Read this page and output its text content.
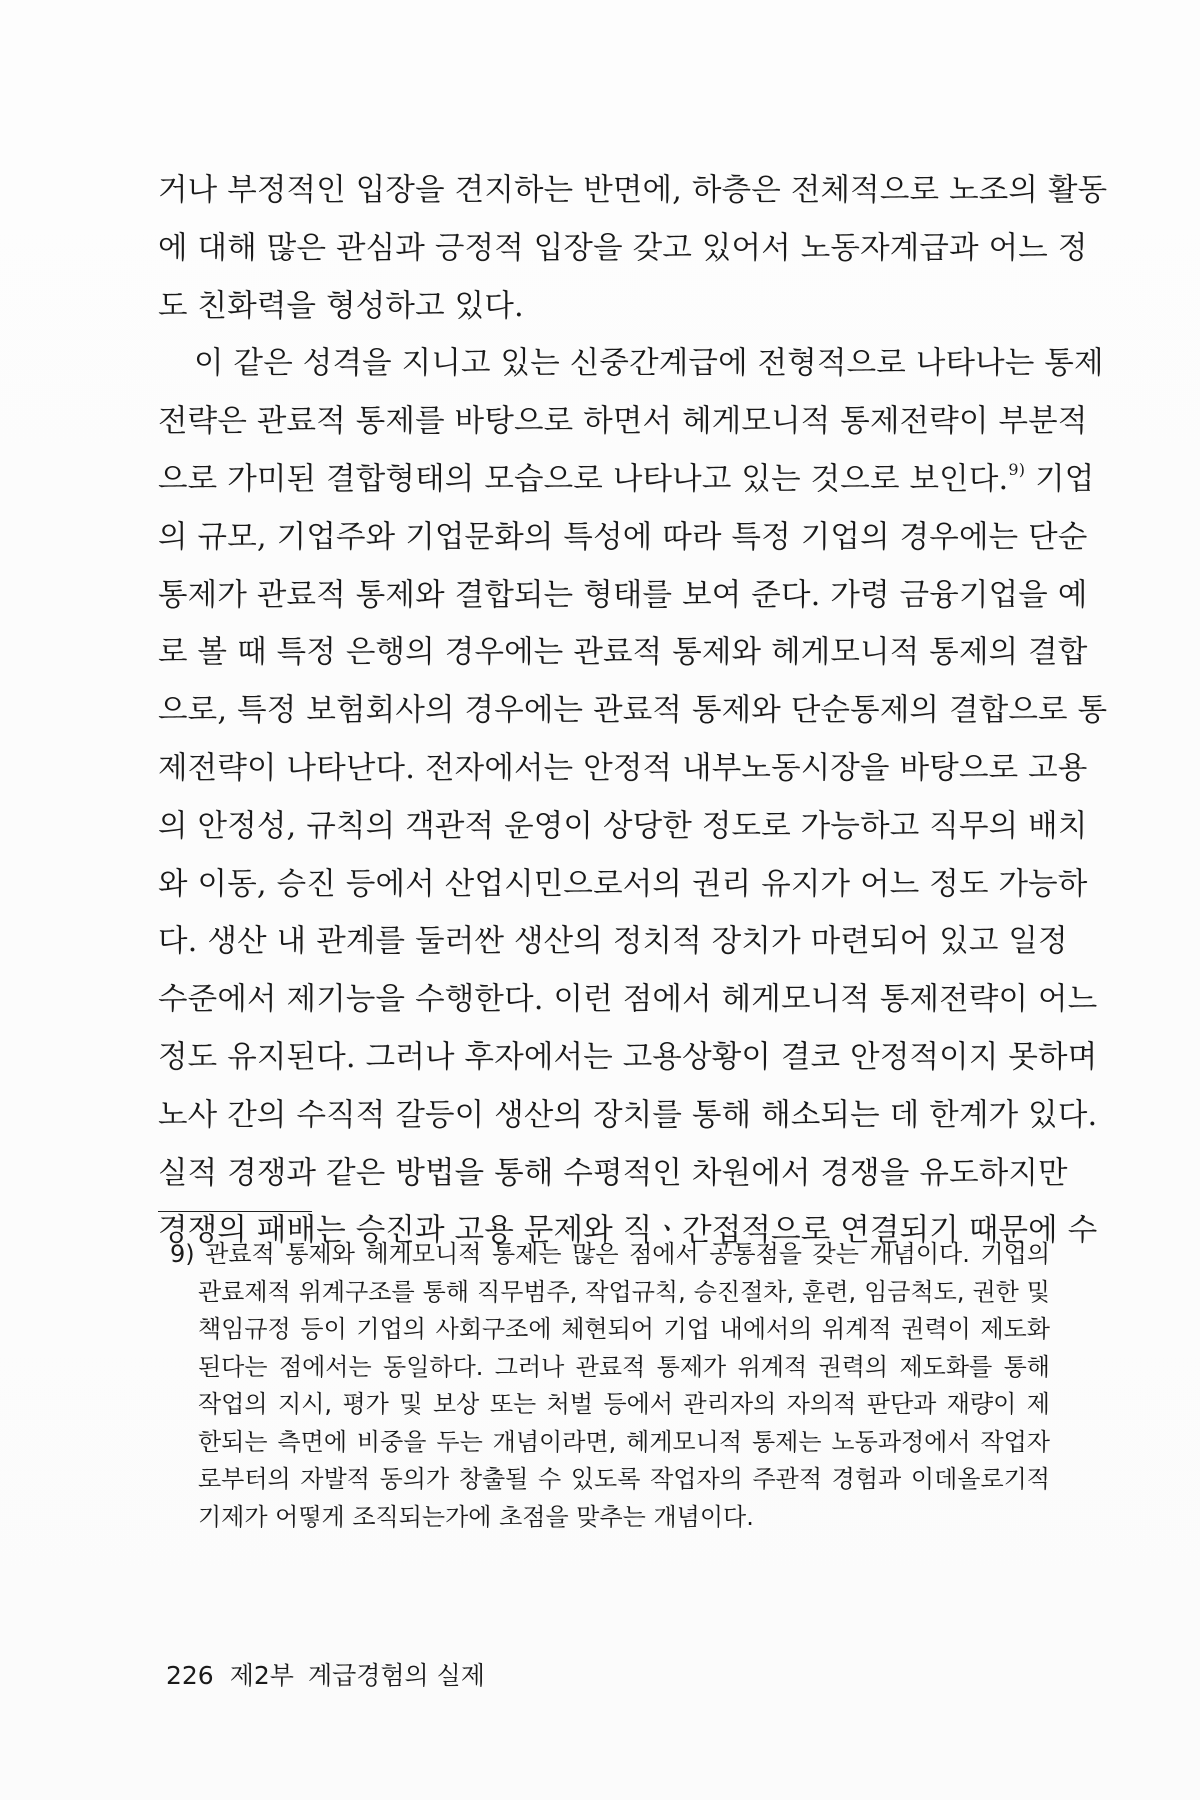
거나 부정적인 입장을 견지하는 반면에, 하층은 전체적으로 노조의 활동
에 대해 많은 관심과 긍정적 입장을 갖고 있어서 노동자계급과 어느 정
도 친화력을 형성하고 있다.
이 같은 성격을 지니고 있는 신중간계급에 전형적으로 나타나는 통제
전략은 관료적 통제를 바탕으로 하면서 헤게모니적 통제전략이 부분적
으로 가미된 결합형태의 모습으로 나타나고 있는 것으로 보인다.$^{9)}$ 기업
의 규모, 기업주와 기업문화의 특성에 따라 특정 기업의 경우에는 단순
통제가 관료적 통제와 결합되는 형태를 보여 준다. 가령 금융기업을 예
로 볼 때 특정 은행의 경우에는 관료적 통제와 헤게모니적 통제의 결합
으로, 특정 보험회사의 경우에는 관료적 통제와 단순통제의 결합으로 통
제전략이 나타난다. 전자에서는 안정적 내부노동시장을 바탕으로 고용
의 안정성, 규칙의 객관적 운영이 상당한 정도로 가능하고 직무의 배치
와 이동, 승진 등에서 산업시민으로서의 권리 유지가 어느 정도 가능하
다. 생산 내 관계를 둘러싼 생산의 정치적 장치가 마련되어 있고 일정
수준에서 제기능을 수행한다. 이런 점에서 헤게모니적 통제전략이 어느
정도 유지된다. 그러나 후자에서는 고용상황이 결코 안정적이지 못하며
노사 간의 수직적 갈등이 생산의 장치를 통해 해소되는 데 한계가 있다.
실적 경쟁과 같은 방법을 통해 수평적인 차원에서 경쟁을 유도하지만
경쟁의 패배는 승진과 고용 문제와 직ㆍ간접적으로 연결되기 때문에 수
9) 관료적 통제와 헤게모니적 통제는 많은 점에서 공통점을 갖는 개념이다. 기업의
관료제적 위계구조를 통해 직무범주, 작업규칙, 승진절차, 훈련, 임금척도, 권한 및
책임규정 등이 기업의 사회구조에 체현되어 기업 내에서의 위계적 권력이 제도화
된다는 점에서는 동일하다. 그러나 관료적 통제가 위계적 권력의 제도화를 통해
작업의 지시, 평가 및 보상 또는 처벌 등에서 관리자의 자의적 판단과 재량이 제
한되는 측면에 비중을 두는 개념이라면, 헤게모니적 통제는 노동과정에서 작업자
로부터의 자발적 동의가 창출될 수 있도록 작업자의 주관적 경험과 이데올로기적
기제가 어떻게 조직되는가에 초점을 맞추는 개념이다.
226 제2부 계급경험의 실제
